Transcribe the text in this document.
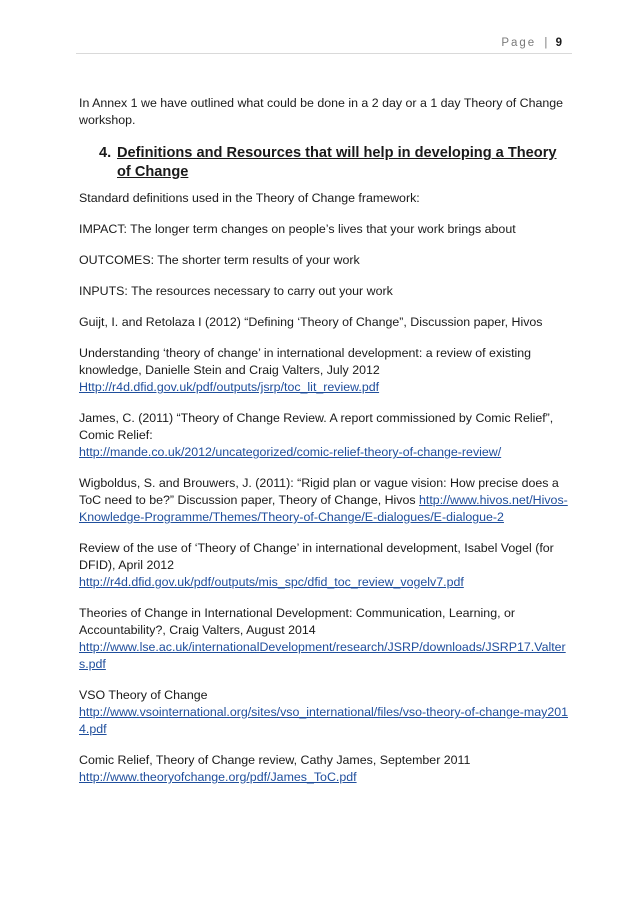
Page | 9

In Annex 1 we have outlined what could be done in a 2 day or a 1 day Theory of Change workshop.

4. Definitions and Resources that will help in developing a Theory of Change

Standard definitions used in the Theory of Change framework:

IMPACT: The longer term changes on people’s lives that your work brings about

OUTCOMES: The shorter term results of your work

INPUTS: The resources necessary to carry out your work

Guijt, I. and Retolaza I (2012) “Defining ‘Theory of Change”, Discussion paper, Hivos

Understanding ‘theory of change’ in international development: a review of existing knowledge, Danielle Stein and Craig Valters, July 2012
Http://r4d.dfid.gov.uk/pdf/outputs/jsrp/toc_lit_review.pdf

James, C. (2011) “Theory of Change Review. A report commissioned by Comic Relief”, Comic Relief:
http://mande.co.uk/2012/uncategorized/comic-relief-theory-of-change-review/

Wigboldus, S. and Brouwers, J. (2011): “Rigid plan or vague vision: How precise does a ToC need to be?” Discussion paper, Theory of Change, Hivos http://www.hivos.net/Hivos-Knowledge-Programme/Themes/Theory-of-Change/E-dialogues/E-dialogue-2

Review of the use of ‘Theory of Change’ in international development, Isabel Vogel (for DFID), April 2012
http://r4d.dfid.gov.uk/pdf/outputs/mis_spc/dfid_toc_review_vogelv7.pdf

Theories of Change in International Development: Communication, Learning, or Accountability?, Craig Valters, August 2014
http://www.lse.ac.uk/internationalDevelopment/research/JSRP/downloads/JSRP17.Valters.pdf

VSO Theory of Change
http://www.vsointernational.org/sites/vso_international/files/vso-theory-of-change-may2014.pdf

Comic Relief, Theory of Change review, Cathy James, September 2011
http://www.theoryofchange.org/pdf/James_ToC.pdf
